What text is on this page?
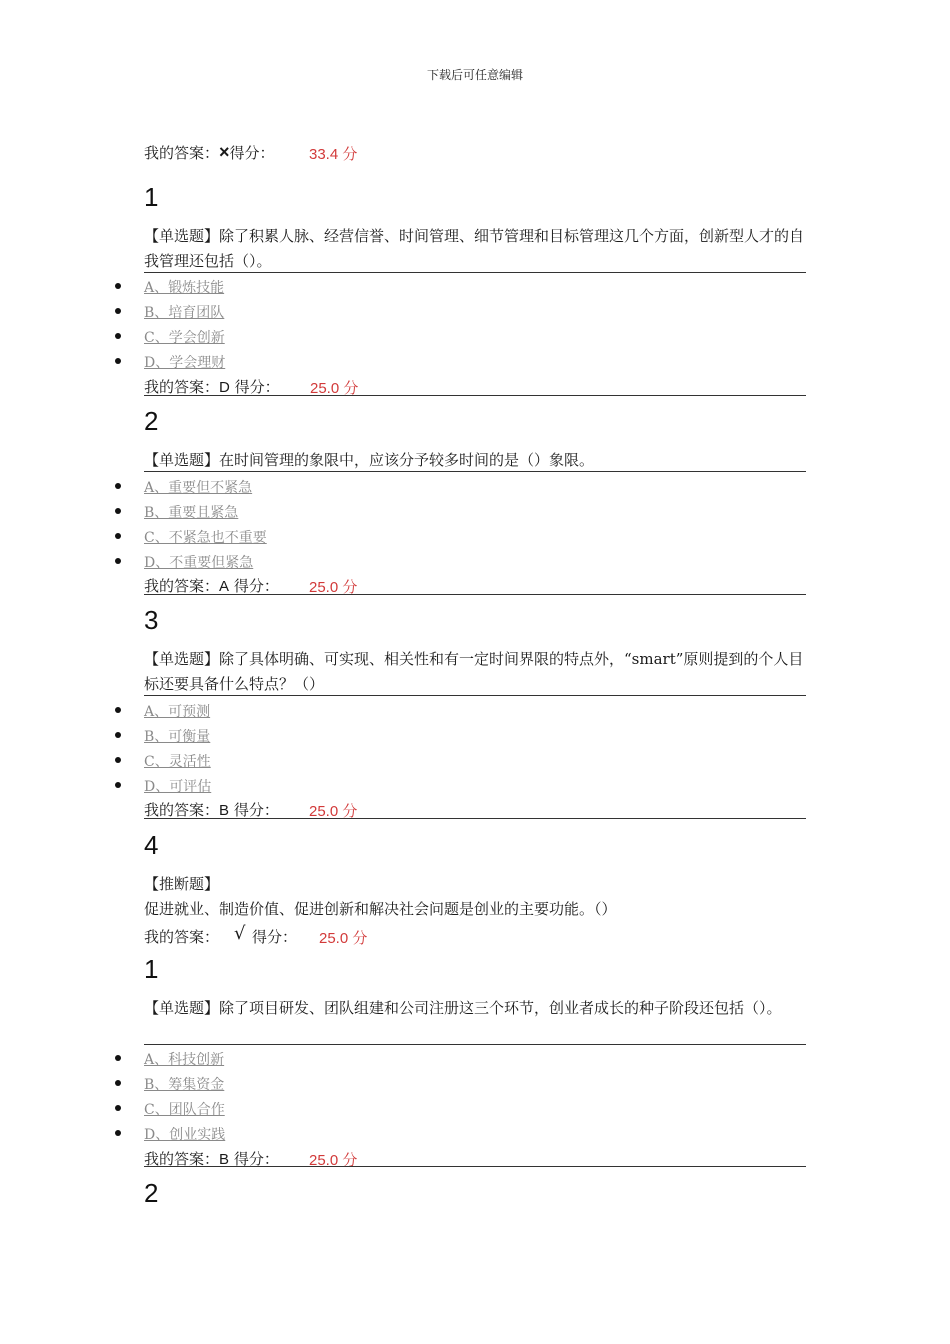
下载后可任意编辑
我的答案：×得分： 33.4 分
1
【单选题】除了积累人脉、经营信誉、时间管理、细节管理和目标管理这几个方面，创新型人才的自我管理还包括（）。
A、锻炼技能
B、培育团队
C、学会创新
D、学会理财
我的答案：D 得分： 25.0 分
2
【单选题】在时间管理的象限中，应该分予较多时间的是（）象限。
A、重要但不紧急
B、重要且紧急
C、不紧急也不重要
D、不重要但紧急
我的答案：A 得分： 25.0 分
3
【单选题】除了具体明确、可实现、相关性和有一定时间界限的特点外，“smart”原则提到的个人目标还要具备什么特点？（）
A、可预测
B、可衡量
C、灵活性
D、可评估
我的答案：B 得分： 25.0 分
4
【推断题】
促进就业、制造价值、促进创新和解决社会问题是创业的主要功能。（）
我的答案： √ 得分： 25.0 分
1
【单选题】除了项目研发、团队组建和公司注册这三个环节，创业者成长的种子阶段还包括（）。
A、科技创新
B、筹集资金
C、团队合作
D、创业实践
我的答案：B 得分： 25.0 分
2
